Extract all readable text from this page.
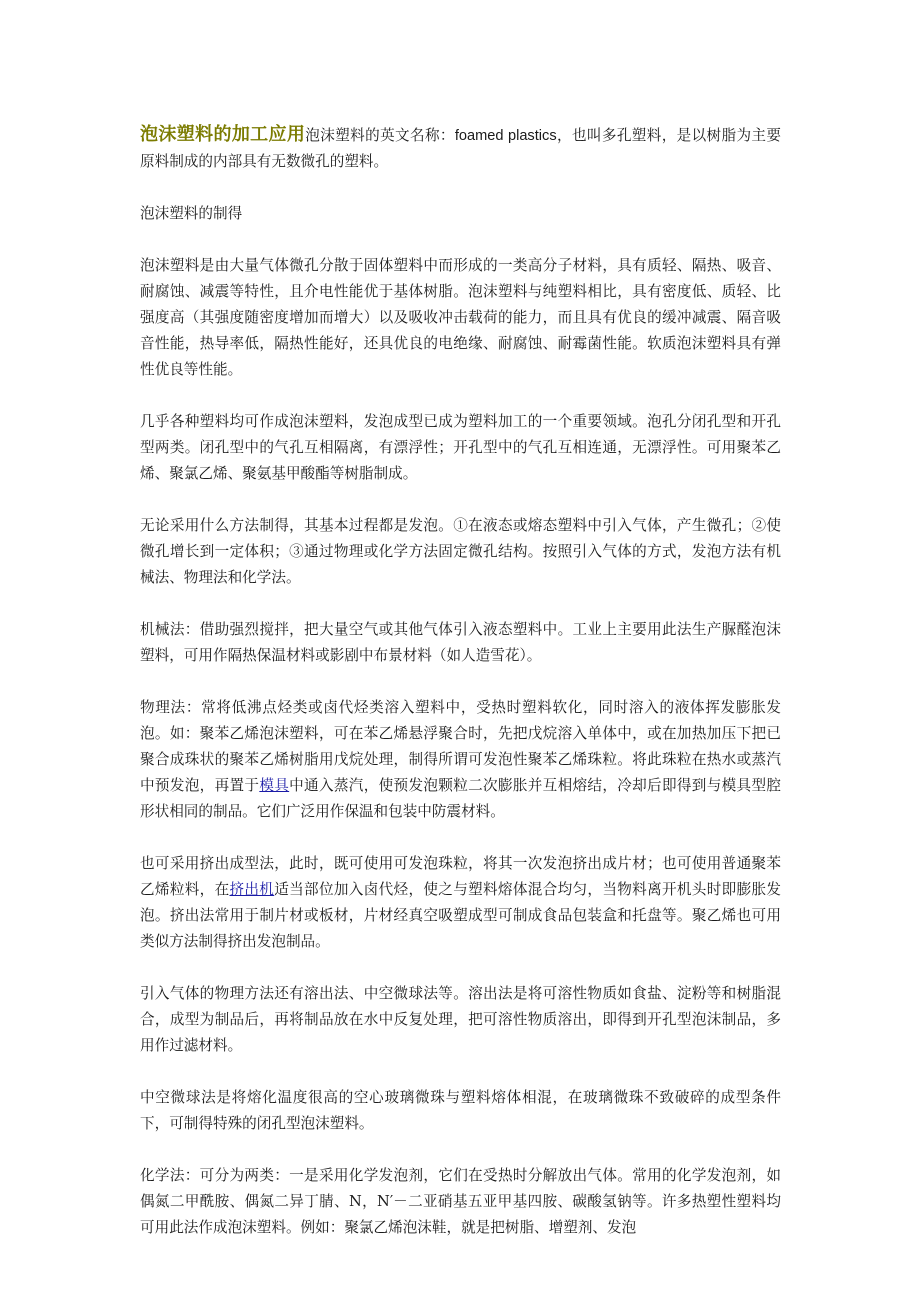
泡沫塑料的加工应用泡沫塑料的英文名称：foamed plastics，也叫多孔塑料，是以树脂为主要原料制成的内部具有无数微孔的塑料。

泡沫塑料的制得

泡沫塑料是由大量气体微孔分散于固体塑料中而形成的一类高分子材料，具有质轻、隔热、吸音、耐腐蚀、减震等特性，且介电性能优于基体树脂。泡沫塑料与纯塑料相比，具有密度低、质轻、比强度高（其强度随密度增加而增大）以及吸收冲击载荷的能力，而且具有优良的缓冲减震、隔音吸音性能，热导率低，隔热性能好，还具优良的电绝缘、耐腐蚀、耐霉菌性能。软质泡沫塑料具有弹性优良等性能。

几乎各种塑料均可作成泡沫塑料，发泡成型已成为塑料加工的一个重要领域。泡孔分闭孔型和开孔型两类。闭孔型中的气孔互相隔离，有漂浮性；开孔型中的气孔互相连通，无漂浮性。可用聚苯乙烯、聚氯乙烯、聚氨基甲酸酯等树脂制成。

无论采用什么方法制得，其基本过程都是发泡。①在液态或熔态塑料中引入气体，产生微孔；②使微孔增长到一定体积；③通过物理或化学方法固定微孔结构。按照引入气体的方式，发泡方法有机械法、物理法和化学法。

机械法：借助强烈搅拌，把大量空气或其他气体引入液态塑料中。工业上主要用此法生产脲醛泡沫塑料，可用作隔热保温材料或影剧中布景材料（如人造雪花）。

物理法：常将低沸点烃类或卤代烃类溶入塑料中，受热时塑料软化，同时溶入的液体挥发膨胀发泡。如：聚苯乙烯泡沫塑料，可在苯乙烯悬浮聚合时，先把戊烷溶入单体中，或在加热加压下把已聚合成珠状的聚苯乙烯树脂用戊烷处理，制得所谓可发泡性聚苯乙烯珠粒。将此珠粒在热水或蒸汽中预发泡，再置于模具中通入蒸汽，使预发泡颗粒二次膨胀并互相熔结，冷却后即得到与模具型腔形状相同的制品。它们广泛用作保温和包装中防震材料。

也可采用挤出成型法，此时，既可使用可发泡珠粒，将其一次发泡挤出成片材；也可使用普通聚苯乙烯粒料，在挤出机适当部位加入卤代烃，使之与塑料熔体混合均匀，当物料离开机头时即膨胀发泡。挤出法常用于制片材或板材，片材经真空吸塑成型可制成食品包装盒和托盘等。聚乙烯也可用类似方法制得挤出发泡制品。

引入气体的物理方法还有溶出法、中空微球法等。溶出法是将可溶性物质如食盐、淀粉等和树脂混合，成型为制品后，再将制品放在水中反复处理，把可溶性物质溶出，即得到开孔型泡沫制品，多用作过滤材料。

中空微球法是将熔化温度很高的空心玻璃微珠与塑料熔体相混，在玻璃微珠不致破碎的成型条件下，可制得特殊的闭孔型泡沫塑料。

化学法：可分为两类：一是采用化学发泡剂，它们在受热时分解放出气体。常用的化学发泡剂，如偶氮二甲酰胺、偶氮二异丁腈、N，N′－二亚硝基五亚甲基四胺、碳酸氢钠等。许多热塑性塑料均可用此法作成泡沫塑料。例如：聚氯乙烯泡沫鞋，就是把树脂、增塑剂、发泡
